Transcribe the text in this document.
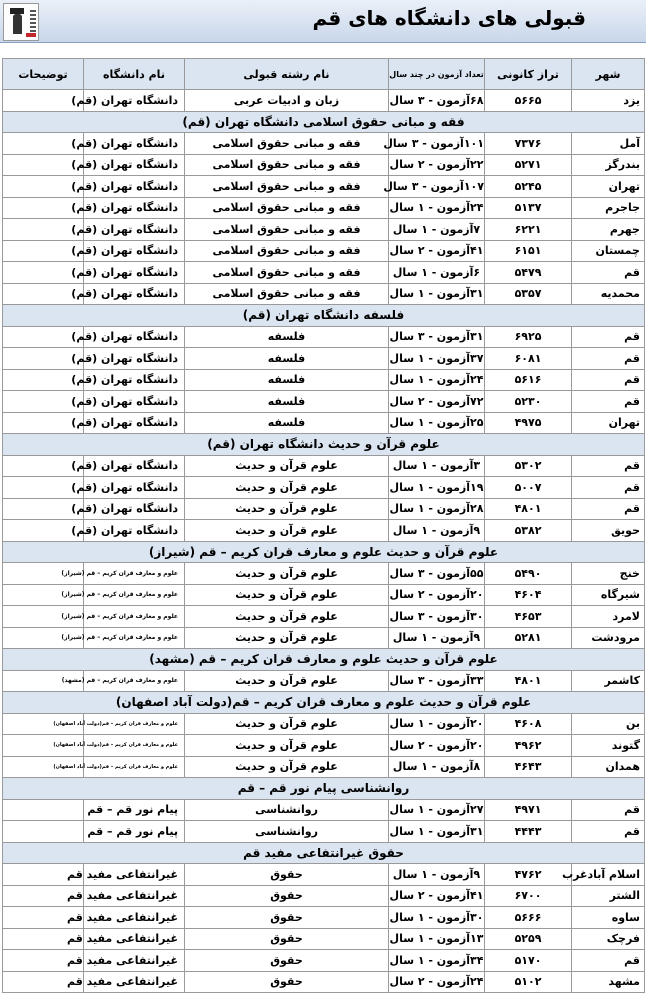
قبولی های دانشگاه های قم
شهر	تراز کانونی	تعداد آزمون در چند سال	نام رشته قبولی	نام دانشگاه	توضیحات
یزد	۵۶۶۵	۶۸آزمون - ۳ سال	زبان و ادبیات عربی	دانشگاه تهران (قم)	
فقه و مبانی حقوق اسلامی دانشگاه تهران (قم)					
آمل	۷۳۷۶	۱۰۱آزمون - ۳ سال	فقه و مبانی حقوق اسلامی	دانشگاه تهران (قم)	
بندرگز	۵۲۷۱	۲۲آزمون - ۲ سال	فقه و مبانی حقوق اسلامی	دانشگاه تهران (قم)	
تهران	۵۲۴۵	۱۰۷آزمون - ۳ سال	فقه و مبانی حقوق اسلامی	دانشگاه تهران (قم)	
جاجرم	۵۱۳۷	۲۴آزمون - ۱ سال	فقه و مبانی حقوق اسلامی	دانشگاه تهران (قم)	
جهرم	۶۲۲۱	۷آزمون - ۱ سال	فقه و مبانی حقوق اسلامی	دانشگاه تهران (قم)	
چمستان	۶۱۵۱	۴۱آزمون - ۲ سال	فقه و مبانی حقوق اسلامی	دانشگاه تهران (قم)	
قم	۵۴۷۹	۶آزمون - ۱ سال	فقه و مبانی حقوق اسلامی	دانشگاه تهران (قم)	
محمدیه	۵۳۵۷	۳۱آزمون - ۱ سال	فقه و مبانی حقوق اسلامی	دانشگاه تهران (قم)	
فلسفه دانشگاه تهران (قم)					
قم	۶۹۲۵	۳۱آزمون - ۳ سال	فلسفه	دانشگاه تهران (قم)	
قم	۶۰۸۱	۳۷آزمون - ۱ سال	فلسفه	دانشگاه تهران (قم)	
قم	۵۶۱۶	۲۴آزمون - ۱ سال	فلسفه	دانشگاه تهران (قم)	
قم	۵۲۳۰	۷۲آزمون - ۲ سال	فلسفه	دانشگاه تهران (قم)	
تهران	۴۹۷۵	۲۵آزمون - ۱ سال	فلسفه	دانشگاه تهران (قم)	
علوم قرآن و حدیث دانشگاه تهران (قم)					
قم	۵۳۰۲	۳آزمون - ۱ سال	علوم قرآن و حدیث	دانشگاه تهران (قم)	
قم	۵۰۰۷	۱۹آزمون - ۱ سال	علوم قرآن و حدیث	دانشگاه تهران (قم)	
قم	۴۸۰۱	۲۸آزمون - ۱ سال	علوم قرآن و حدیث	دانشگاه تهران (قم)	
حویق	۵۳۸۲	۹آزمون - ۱ سال	علوم قرآن و حدیث	دانشگاه تهران (قم)	
علوم قرآن و حدیث علوم و معارف قران کریم – قم (شیراز)					
خنج	۵۴۹۰	۵۵آزمون - ۳ سال	علوم قرآن و حدیث	علوم و معارف قران کریم – قم (شیراز)	
شیرگاه	۴۶۰۴	۲۰آزمون - ۲ سال	علوم قرآن و حدیث	علوم و معارف قران کریم – قم (شیراز)	
لامرد	۴۶۵۳	۳۰آزمون - ۳ سال	علوم قرآن و حدیث	علوم و معارف قران کریم – قم (شیراز)	
مرودشت	۵۲۸۱	۹آزمون - ۱ سال	علوم قرآن و حدیث	علوم و معارف قران کریم – قم (شیراز)	
علوم قرآن و حدیث علوم و معارف قران کریم – قم (مشهد)					
کاشمر	۴۸۰۱	۳۳آزمون - ۳ سال	علوم قرآن و حدیث	علوم و معارف قران کریم – قم (مشهد)	
علوم قرآن و حدیث علوم و معارف قران کریم – قم(دولت آباد اصفهان)					
بن	۴۶۰۸	۲۰آزمون - ۱ سال	علوم قرآن و حدیث	علوم و معارف قران کریم – قم(دولت آباد اصفهان)	
گتوند	۴۹۶۲	۲۰آزمون - ۲ سال	علوم قرآن و حدیث	علوم و معارف قران کریم – قم(دولت آباد اصفهان)	
همدان	۴۶۴۳	۸آزمون - ۱ سال	علوم قرآن و حدیث	علوم و معارف قران کریم – قم(دولت آباد اصفهان)	
روانشناسی پیام نور قم – قم					
قم	۴۹۷۱	۲۷آزمون - ۱ سال	روانشناسی	پیام نور قم – قم	
قم	۴۴۴۳	۳۱آزمون - ۱ سال	روانشناسی	پیام نور قم – قم	
حقوق غیرانتفاعی مفید قم					
اسلام آبادغرب	۴۷۶۲	۹آزمون - ۱ سال	حقوق	غیرانتفاعی مفید قم	
الشتر	۶۷۰۰	۴۱آزمون - ۲ سال	حقوق	غیرانتفاعی مفید قم	
ساوه	۵۶۶۶	۳۰آزمون - ۱ سال	حقوق	غیرانتفاعی مفید قم	
فرچک	۵۲۵۹	۱۳آزمون - ۱ سال	حقوق	غیرانتفاعی مفید قم	
قم	۵۱۷۰	۳۴آزمون - ۱ سال	حقوق	غیرانتفاعی مفید قم	
مشهد	۵۱۰۲	۲۴آزمون - ۲ سال	حقوق	غیرانتفاعی مفید قم	
